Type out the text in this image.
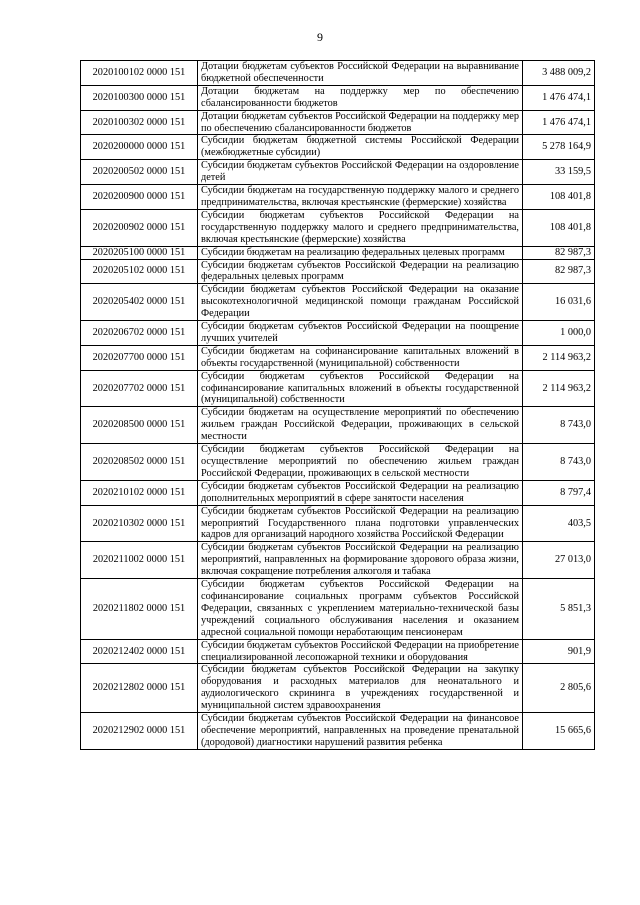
9
2020100102 0000 151	Дотации бюджетам субъектов Российской Федерации на выравнивание бюджетной обеспеченности	3 488 009,2
2020100300 0000 151	Дотации бюджетам на поддержку мер по обеспечению сбалансированности бюджетов	1 476 474,1
2020100302 0000 151	Дотации бюджетам субъектов Российской Федерации на поддержку мер по обеспечению сбалансированности бюджетов	1 476 474,1
2020200000 0000 151	Субсидии бюджетам бюджетной системы Российской Федерации (межбюджетные субсидии)	5 278 164,9
2020200502 0000 151	Субсидии бюджетам субъектов Российской Федерации на оздоровление детей	33 159,5
2020200900 0000 151	Субсидии бюджетам на государственную поддержку малого и среднего предпринимательства, включая крестьянские (фермерские) хозяйства	108 401,8
2020200902 0000 151	Субсидии бюджетам субъектов Российской Федерации на государственную поддержку малого и среднего предпринимательства, включая крестьянские (фермерские) хозяйства	108 401,8
2020205100 0000 151	Субсидии бюджетам на реализацию федеральных целевых программ	82 987,3
2020205102 0000 151	Субсидии бюджетам субъектов Российской Федерации на реализацию федеральных целевых программ	82 987,3
2020205402 0000 151	Субсидии бюджетам субъектов Российской Федерации на оказание высокотехнологичной медицинской помощи гражданам Российской Федерации	16 031,6
2020206702 0000 151	Субсидии бюджетам субъектов Российской Федерации на поощрение лучших учителей	1 000,0
2020207700 0000 151	Субсидии бюджетам на софинансирование капитальных вложений в объекты государственной (муниципальной) собственности	2 114 963,2
2020207702 0000 151	Субсидии бюджетам субъектов Российской Федерации на софинансирование капитальных вложений в объекты государственной (муниципальной) собственности	2 114 963,2
2020208500 0000 151	Субсидии бюджетам на осуществление мероприятий по обеспечению жильем граждан Российской Федерации, проживающих в сельской местности	8 743,0
2020208502 0000 151	Субсидии бюджетам субъектов Российской Федерации на осуществление мероприятий по обеспечению жильем граждан Российской Федерации, проживающих в сельской местности	8 743,0
2020210102 0000 151	Субсидии бюджетам субъектов Российской Федерации на реализацию дополнительных мероприятий в сфере занятости населения	8 797,4
2020210302 0000 151	Субсидии бюджетам субъектов Российской Федерации на реализацию мероприятий Государственного плана подготовки управленческих кадров для организаций народного хозяйства Российской Федерации	403,5
2020211002 0000 151	Субсидии бюджетам субъектов Российской Федерации на реализацию мероприятий, направленных на формирование здорового образа жизни, включая сокращение потребления алкоголя и табака	27 013,0
2020211802 0000 151	Субсидии бюджетам субъектов Российской Федерации на софинансирование социальных программ субъектов Российской Федерации, связанных с укреплением материально-технической базы учреждений социального обслуживания населения и оказанием адресной социальной помощи неработающим пенсионерам	5 851,3
2020212402 0000 151	Субсидии бюджетам субъектов Российской Федерации на приобретение специализированной лесопожарной техники и оборудования	901,9
2020212802 0000 151	Субсидии бюджетам субъектов Российской Федерации на закупку оборудования и расходных материалов для неонатального и аудиологического скрининга в учреждениях государственной и муниципальной систем здравоохранения	2 805,6
2020212902 0000 151	Субсидии бюджетам субъектов Российской Федерации на финансовое обеспечение мероприятий, направленных на проведение пренатальной (дородовой) диагностики нарушений развития ребенка	15 665,6
